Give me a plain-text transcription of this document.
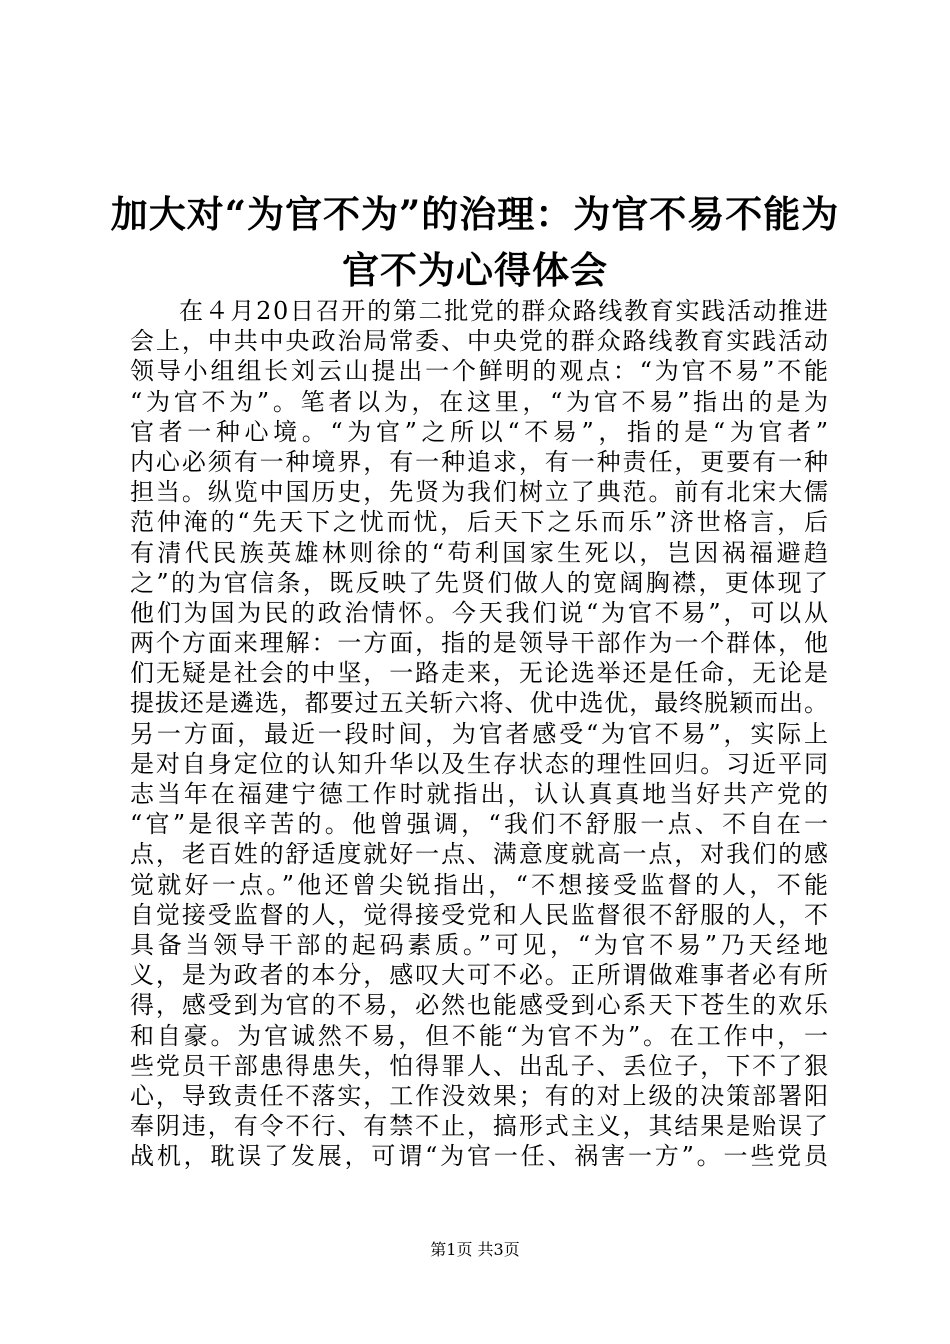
加大对“为官不为”的治理：为官不易不能为
官不为心得体会
在４月20日召开的第二批党的群众路线教育实践活动推进
会上，中共中央政治局常委、中央党的群众路线教育实践活动
领导小组组长刘云山提出一个鲜明的观点：“为官不易”不能
“为官不为”。笔者以为，在这里，“为官不易”指出的是为
官者一种心境。“为官”之所以“不易”，指的是“为官者”
内心必须有一种境界，有一种追求，有一种责任，更要有一种
担当。纵览中国历史，先贤为我们树立了典范。前有北宋大儒
范仲淹的“先天下之忧而忧，后天下之乐而乐”济世格言，后
有清代民族英雄林则徐的“苟利国家生死以，岂因祸福避趋
之”的为官信条，既反映了先贤们做人的宽阔胸襟，更体现了
他们为国为民的政治情怀。今天我们说“为官不易”，可以从
两个方面来理解：一方面，指的是领导干部作为一个群体，他
们无疑是社会的中坚，一路走来，无论选举还是任命，无论是
提拔还是遴选，都要过五关斩六将、优中选优，最终脱颖而出。
另一方面，最近一段时间，为官者感受“为官不易”，实际上
是对自身定位的认知升华以及生存状态的理性回归。习近平同
志当年在福建宁德工作时就指出，认认真真地当好共产党的
“官”是很辛苦的。他曾强调，“我们不舒服一点、不自在一
点，老百姓的舒适度就好一点、满意度就高一点，对我们的感
觉就好一点。”他还曾尖锐指出，“不想接受监督的人，不能
自觉接受监督的人，觉得接受党和人民监督很不舒服的人，不
具备当领导干部的起码素质。”可见，“为官不易”乃天经地
义，是为政者的本分，感叹大可不必。正所谓做难事者必有所
得，感受到为官的不易，必然也能感受到心系天下苍生的欢乐
和自豪。为官诚然不易，但不能“为官不为”。在工作中，一
些党员干部患得患失，怕得罪人、出乱子、丢位子，下不了狠
心，导致责任不落实，工作没效果；有的对上级的决策部署阳
奉阴违，有令不行、有禁不止，搞形式主义，其结果是贻误了
战机，耽误了发展，可谓“为官一任、祸害一方”。一些党员
第1页 共3页
